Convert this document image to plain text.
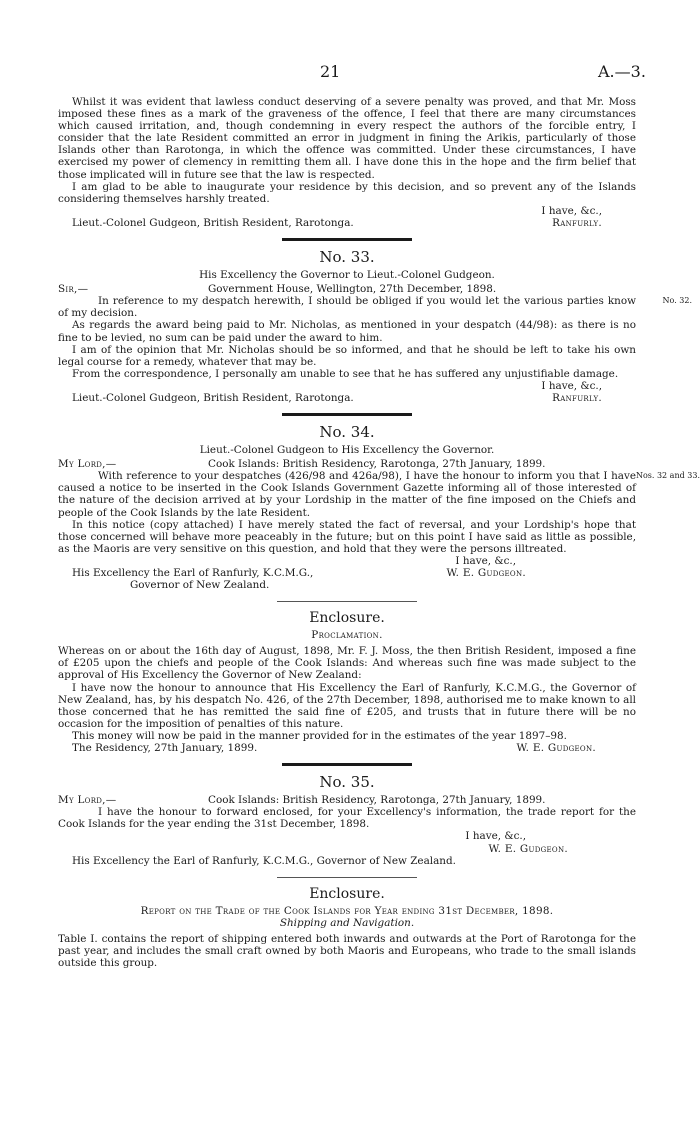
21	A.—3.

Whilst it was evident that lawless conduct deserving of a severe penalty was proved, and that Mr. Moss imposed these fines as a mark of the graveness of the offence, I feel that there are many circumstances which caused irritation, and, though condemning in every respect the authors of the forcible entry, I consider that the late Resident committed an error in judgment in fining the Arikis, particularly of those Islands other than Rarotonga, in which the offence was committed. Under these circumstances, I have exercised my power of clemency in remitting them all. I have done this in the hope and the firm belief that those implicated will in future see that the law is respected.

I am glad to be able to inaugurate your residence by this decision, and so prevent any of the Islands considering themselves harshly treated.

I have, &c.,
Lieut.-Colonel Gudgeon, British Resident, Rarotonga.	Ranfurly.
No. 33.
His Excellency the Governor to Lieut.-Colonel Gudgeon.
Sir,—	Government House, Wellington, 27th December, 1898.

In reference to my despatch herewith, I should be obliged if you would let the various parties know of my decision.

No. 32.

As regards the award being paid to Mr. Nicholas, as mentioned in your despatch (44/98): as there is no fine to be levied, no sum can be paid under the award to him.

I am of the opinion that Mr. Nicholas should be so informed, and that he should be left to take his own legal course for a remedy, whatever that may be.

From the correspondence, I personally am unable to see that he has suffered any unjustifiable damage.

I have, &c.,
Lieut.-Colonel Gudgeon, British Resident, Rarotonga.	Ranfurly.
No. 34.
Lieut.-Colonel Gudgeon to His Excellency the Governor.
My Lord,—	Cook Islands: British Residency, Rarotonga, 27th January, 1899.

With reference to your despatches (426/98 and 426a/98), I have the honour to inform you that I have caused a notice to be inserted in the Cook Islands Government Gazette informing all of those interested of the nature of the decision arrived at by your Lordship in the matter of the fine imposed on the Chiefs and people of the Cook Islands by the late Resident.

Nos. 32 and 33.

In this notice (copy attached) I have merely stated the fact of reversal, and your Lordship's hope that those concerned will behave more peaceably in the future; but on this point I have said as little as possible, as the Maoris are very sensitive on this question, and hold that they were the persons illtreated.

I have, &c.,
His Excellency the Earl of Ranfurly, K.C.M.G.,	W. E. Gudgeon.
Governor of New Zealand.
Enclosure.
Proclamation.

Whereas on or about the 16th day of August, 1898, Mr. F. J. Moss, the then British Resident, imposed a fine of £205 upon the chiefs and people of the Cook Islands: And whereas such fine was made subject to the approval of His Excellency the Governor of New Zealand:

I have now the honour to announce that His Excellency the Earl of Ranfurly, K.C.M.G., the Governor of New Zealand, has, by his despatch No. 426, of the 27th December, 1898, authorised me to make known to all those concerned that he has remitted the said fine of £205, and trusts that in future there will be no occasion for the imposition of penalties of this nature.

This money will now be paid in the manner provided for in the estimates of the year 1897–98.

The Residency, 27th January, 1899.	W. E. Gudgeon.
No. 35.
My Lord,—	Cook Islands: British Residency, Rarotonga, 27th January, 1899.

I have the honour to forward enclosed, for your Excellency's information, the trade report for the Cook Islands for the year ending the 31st December, 1898.

I have, &c.,
W. E. Gudgeon.
His Excellency the Earl of Ranfurly, K.C.M.G., Governor of New Zealand.
Enclosure.
Report on the Trade of the Cook Islands for Year ending 31st December, 1898.
Shipping and Navigation.

Table I. contains the report of shipping entered both inwards and outwards at the Port of Rarotonga for the past year, and includes the small craft owned by both Maoris and Europeans, who trade to the small islands outside this group.
